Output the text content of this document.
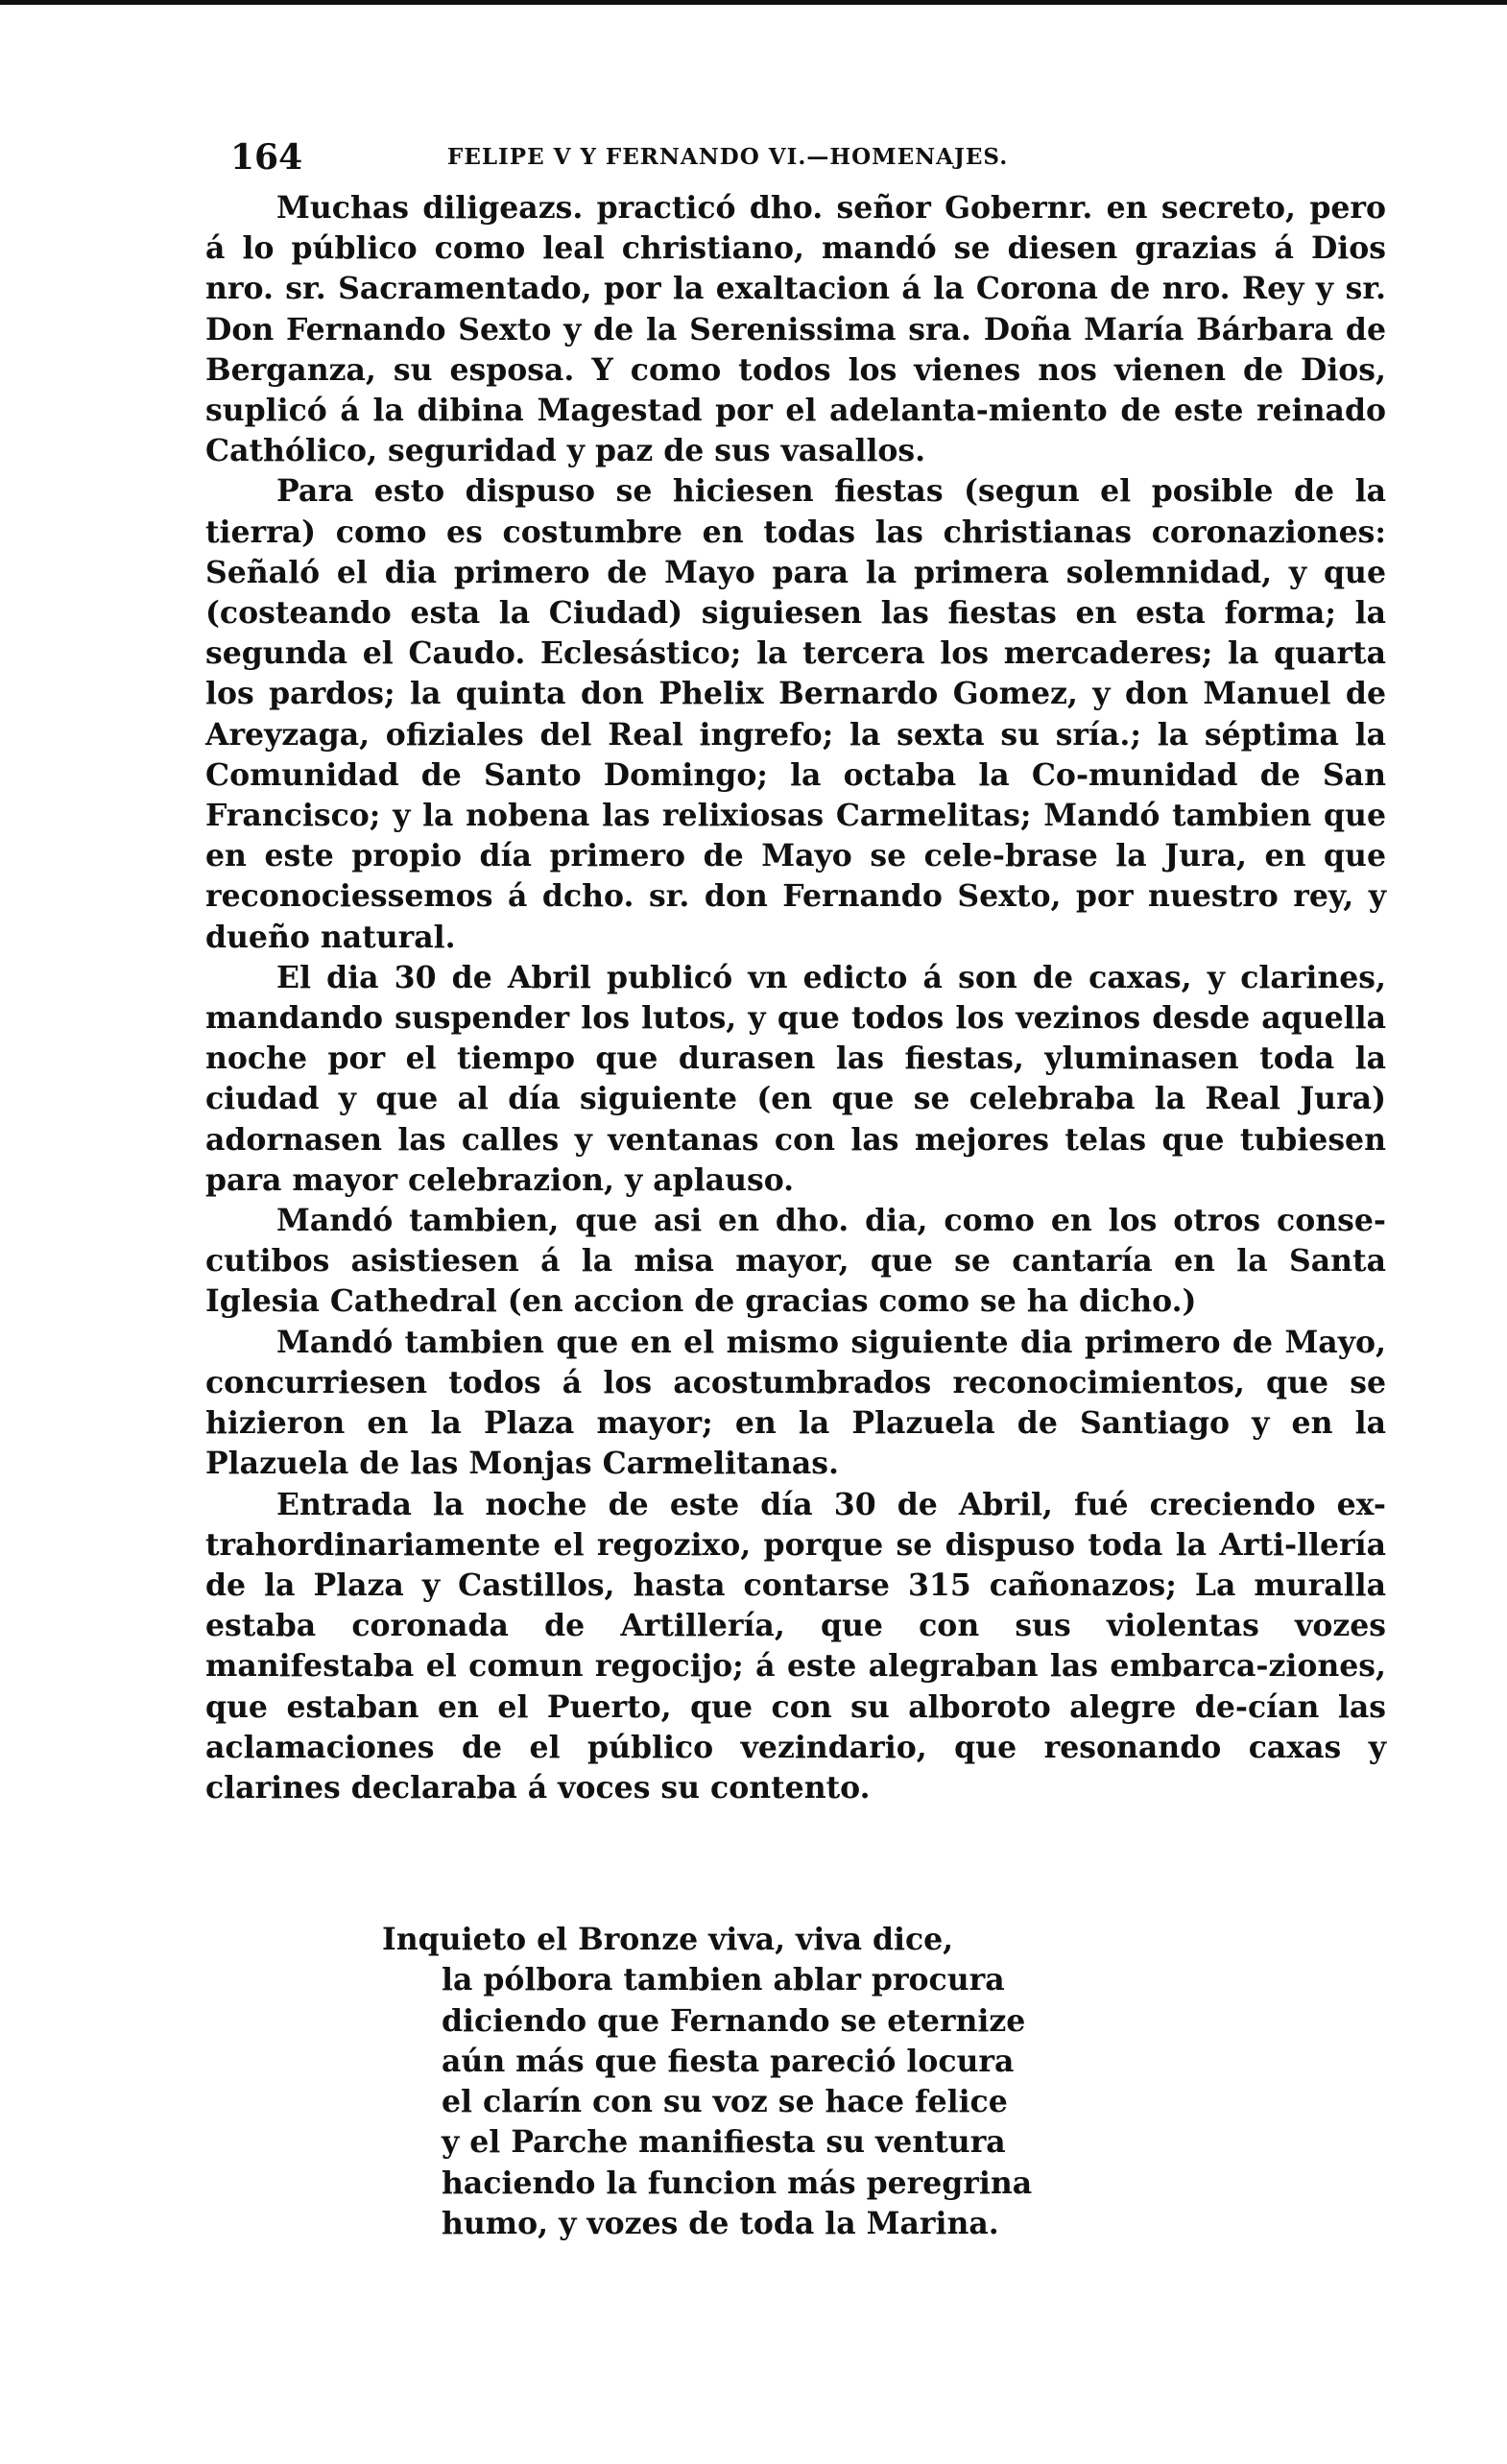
164	FELIPE V Y FERNANDO VI.—HOMENAJES.

Muchas diligeazs. practicó dho. señor Gobernr. en secreto, pero á lo público como leal christiano, mandó se diesen grazias á Dios nro. sr. Sacramentado, por la exaltacion á la Corona de nro. Rey y sr. Don Fernando Sexto y de la Serenissima sra. Doña María Bárbara de Berganza, su esposa. Y como todos los vienes nos vienen de Dios, suplicó á la dibina Magestad por el adelanta-miento de este reinado Cathólico, seguridad y paz de sus vasallos.

Para esto dispuso se hiciesen fiestas (segun el posible de la tierra) como es costumbre en todas las christianas coronaziones: Señaló el dia primero de Mayo para la primera solemnidad, y que (costeando esta la Ciudad) siguiesen las fiestas en esta forma; la segunda el Caudo. Eclesástico; la tercera los mercaderes; la quarta los pardos; la quinta don Phelix Bernardo Gomez, y don Manuel de Areyzaga, ofiziales del Real ingrefo; la sexta su sría.; la séptima la Comunidad de Santo Domingo; la octaba la Co-munidad de San Francisco; y la nobena las relixiosas Carmelitas; Mandó tambien que en este propio día primero de Mayo se cele-brase la Jura, en que reconociessemos á dcho. sr. don Fernando Sexto, por nuestro rey, y dueño natural.

El dia 30 de Abril publicó vn edicto á son de caxas, y clarines, mandando suspender los lutos, y que todos los vezinos desde aquella noche por el tiempo que durasen las fiestas, yluminasen toda la ciudad y que al día siguiente (en que se celebraba la Real Jura) adornasen las calles y ventanas con las mejores telas que tubiesen para mayor celebrazion, y aplauso.

Mandó tambien, que asi en dho. dia, como en los otros conse-cutibos asistiesen á la misa mayor, que se cantaría en la Santa Iglesia Cathedral (en accion de gracias como se ha dicho.)

Mandó tambien que en el mismo siguiente dia primero de Mayo, concurriesen todos á los acostumbrados reconocimientos, que se hizieron en la Plaza mayor; en la Plazuela de Santiago y en la Plazuela de las Monjas Carmelitanas.

Entrada la noche de este día 30 de Abril, fué creciendo ex-trahordinariamente el regozixo, porque se dispuso toda la Arti-llería de la Plaza y Castillos, hasta contarse 315 cañonazos; La muralla estaba coronada de Artillería, que con sus violentas vozes manifestaba el comun regocijo; á este alegraban las embarca-ziones, que estaban en el Puerto, que con su alboroto alegre de-cían las aclamaciones de el público vezindario, que resonando caxas y clarines declaraba á voces su contento.

Inquieto el Bronze viva, viva dice,
la pólbora tambien ablar procura
diciendo que Fernando se eternize
aún más que fiesta pareció locura
el clarín con su voz se hace felice
y el Parche manifiesta su ventura
haciendo la funcion más peregrina
humo, y vozes de toda la Marina.
